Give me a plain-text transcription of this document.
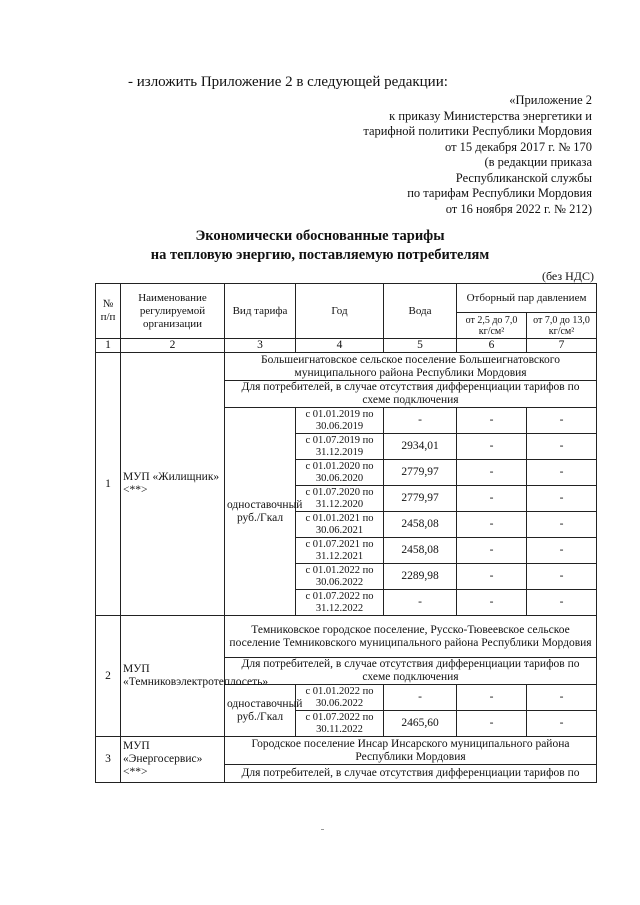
- изложить Приложение 2 в следующей редакции:
«Приложение 2
к приказу Министерства энергетики и
тарифной политики Республики Мордовия
от 15 декабря 2017 г. № 170
(в редакции приказа
Республиканской службы
по тарифам Республики Мордовия
от 16 ноября 2022 г. № 212)
Экономически обоснованные тарифы
на тепловую энергию, поставляемую потребителям
(без НДС)
№ п/п	Наименование регулируемой организации	Вид тарифа	Год	Вода	Отборный пар давлением	
					от 2,5 до 7,0 кг/см²	от 7,0 до 13,0 кг/см²
1	2	3	4	5	6	7
1	МУП «Жилищник» <**>	Большеигнатовское сельское поселение Большеигнатовского муниципального района Республики Мордовия				
		Для потребителей, в случае отсутствия дифференциации тарифов по схеме подключения				
		одноставочный руб./Гкал	с 01.01.2019 по 30.06.2019	-	-	-
			с 01.07.2019 по 31.12.2019	2934,01	-	-
			с 01.01.2020 по 30.06.2020	2779,97	-	-
			с 01.07.2020 по 31.12.2020	2779,97	-	-
			с 01.01.2021 по 30.06.2021	2458,08	-	-
			с 01.07.2021 по 31.12.2021	2458,08	-	-
			с 01.01.2022 по 30.06.2022	2289,98	-	-
			с 01.07.2022 по 31.12.2022	-	-	-
2	МУП «Темниковэлектротеплосеть»	Темниковское городское поселение, Русско-Тювеевское сельское поселение Темниковского муниципального района Республики Мордовия				
		Для потребителей, в случае отсутствия дифференциации тарифов по схеме подключения				
		одноставочный руб./Гкал	с 01.01.2022 по 30.06.2022	-	-	-
			с 01.07.2022 по 30.11.2022	2465,60	-	-
3	МУП «Энергосервис» <**>	Городское поселение Инсар Инсарского муниципального района Республики Мордовия				
		Для потребителей, в случае отсутствия дифференциации тарифов по				
